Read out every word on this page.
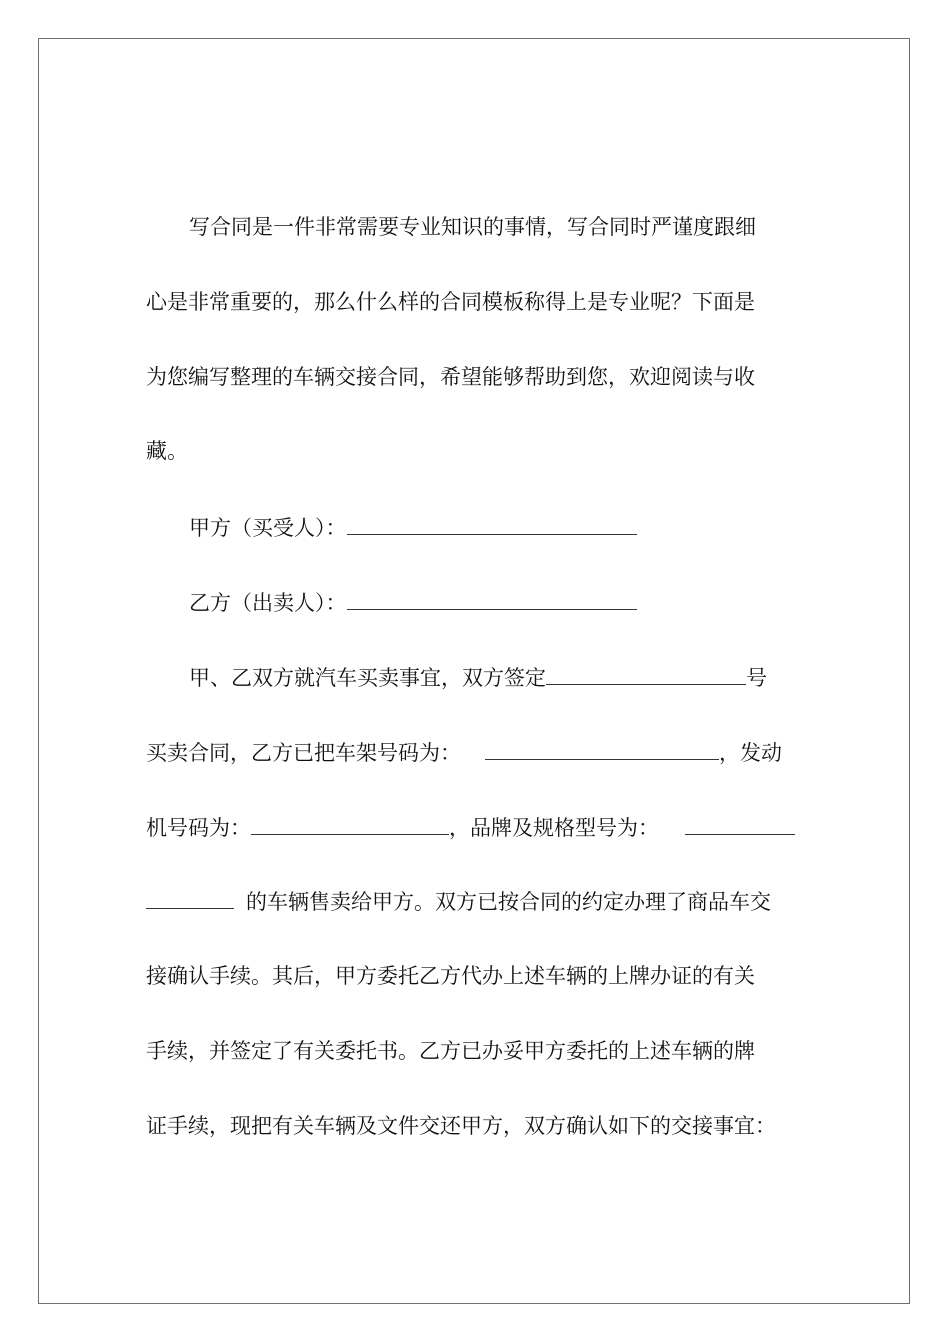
写合同是一件非常需要专业知识的事情，写合同时严谨度跟细
心是非常重要的，那么什么样的合同模板称得上是专业呢？下面是
为您编写整理的车辆交接合同，希望能够帮助到您，欢迎阅读与收
藏。
甲方（买受人）：
乙方（出卖人）：
甲、乙双方就汽车买卖事宜，双方签定	号
买卖合同，乙方已把车架号码为：	，发动
机号码为：	，品牌及规格型号为：
的车辆售卖给甲方。双方已按合同的约定办理了商品车交
接确认手续。其后，甲方委托乙方代办上述车辆的上牌办证的有关
手续，并签定了有关委托书。乙方已办妥甲方委托的上述车辆的牌
证手续，现把有关车辆及文件交还甲方，双方确认如下的交接事宜：
